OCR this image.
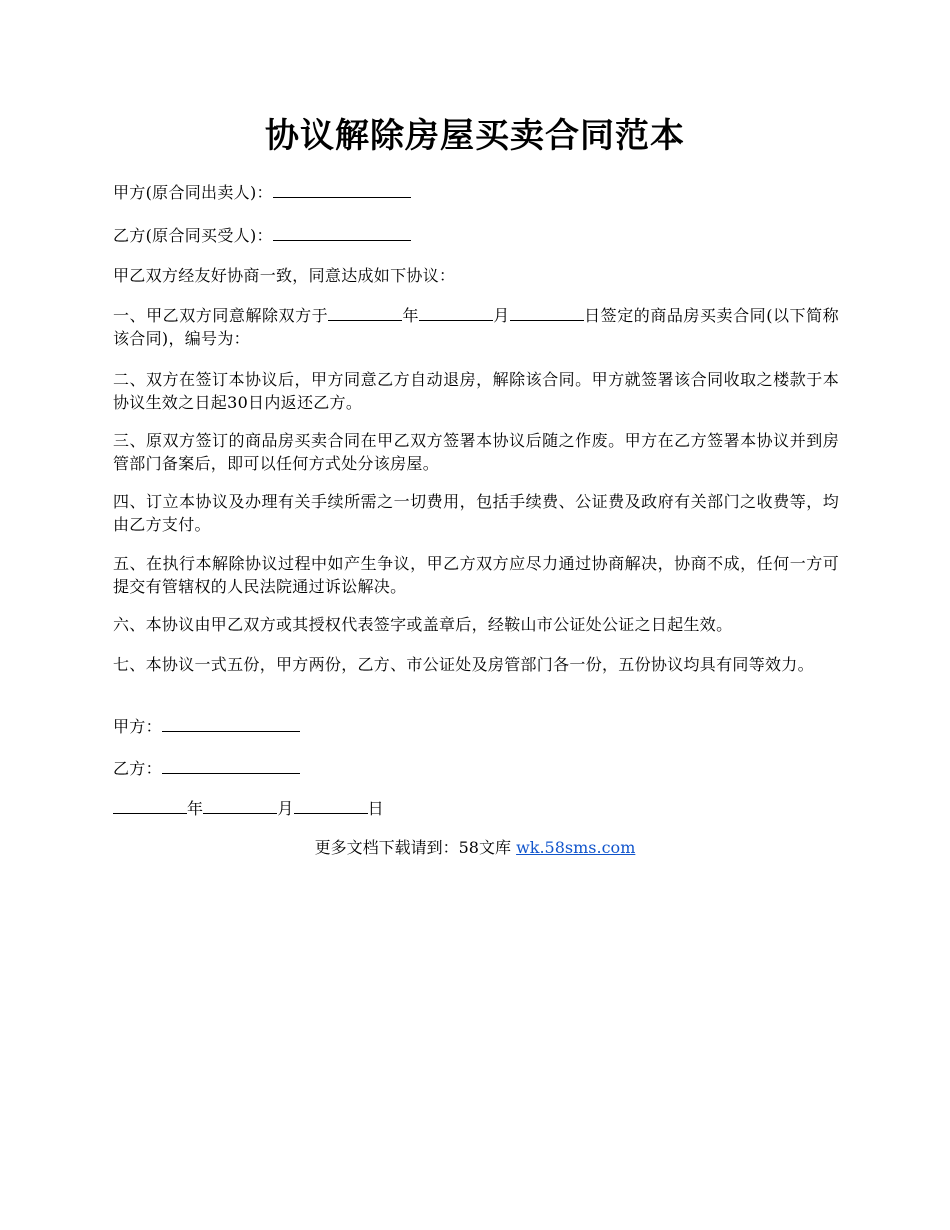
协议解除房屋买卖合同范本
甲方(原合同出卖人)：
乙方(原合同买受人)：
甲乙双方经友好协商一致，同意达成如下协议：
一、甲乙双方同意解除双方于	年	月	日签定的商品房买卖合同(以下简称该合同)，编号为：
二、双方在签订本协议后，甲方同意乙方自动退房，解除该合同。甲方就签署该合同收取之楼款于本协议生效之日起30日内返还乙方。
三、原双方签订的商品房买卖合同在甲乙双方签署本协议后随之作废。甲方在乙方签署本协议并到房管部门备案后，即可以任何方式处分该房屋。
四、订立本协议及办理有关手续所需之一切费用，包括手续费、公证费及政府有关部门之收费等，均由乙方支付。
五、在执行本解除协议过程中如产生争议，甲乙方双方应尽力通过协商解决，协商不成，任何一方可提交有管辖权的人民法院通过诉讼解决。
六、本协议由甲乙双方或其授权代表签字或盖章后，经鞍山市公证处公证之日起生效。
七、本协议一式五份，甲方两份，乙方、市公证处及房管部门各一份，五份协议均具有同等效力。
甲方：
乙方：
年	月	日
更多文档下载请到：58文库 wk.58sms.com
